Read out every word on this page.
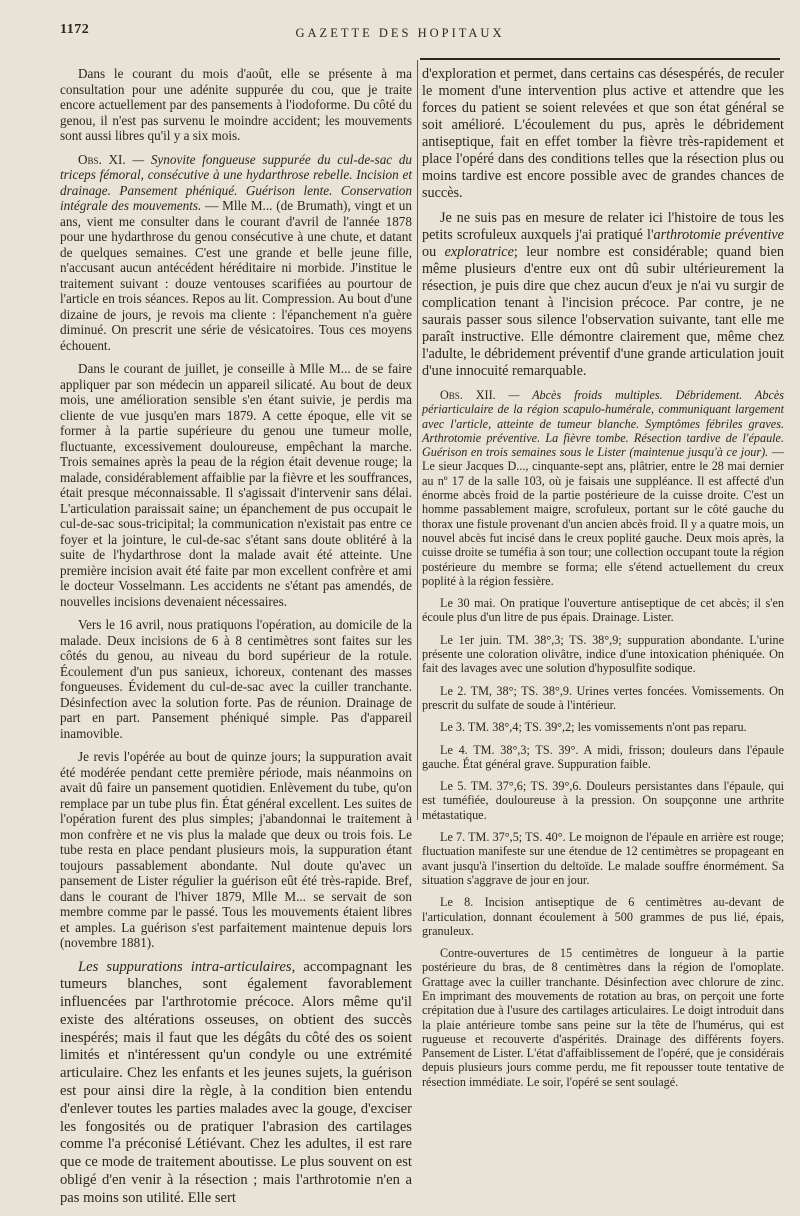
1172	GAZETTE DES HOPITAUX

Dans le courant du mois d'août, elle se présente à ma consultation pour une adénite suppurée du cou, que je traite encore actuellement par des pansements à l'iodoforme. Du côté du genou, il n'est pas survenu le moindre accident; les mouvements sont aussi libres qu'il y a six mois.

Obs. XI. — Synovite fongueuse suppurée du cul-de-sac du triceps fémoral, consécutive à une hydarthrose rebelle. Incision et drainage. Pansement phéniqué. Guérison lente. Conservation intégrale des mouvements. — Mlle M... (de Brumath), vingt et un ans, vient me consulter dans le courant d'avril de l'année 1878 pour une hydarthrose du genou consécutive à une chute, et datant de quelques semaines. C'est une grande et belle jeune fille, n'accusant aucun antécédent héréditaire ni morbide. J'institue le traitement suivant : douze ventouses scarifiées au pourtour de l'article en trois séances. Repos au lit. Compression. Au bout d'une dizaine de jours, je revois ma cliente : l'épanchement n'a guère diminué. On prescrit une série de vésicatoires. Tous ces moyens échouent.

Dans le courant de juillet, je conseille à Mlle M... de se faire appliquer par son médecin un appareil silicaté. Au bout de deux mois, une amélioration sensible s'en étant suivie, je perdis ma cliente de vue jusqu'en mars 1879. A cette époque, elle vit se former à la partie supérieure du genou une tumeur molle, fluctuante, excessivement douloureuse, empêchant la marche. Trois semaines après la peau de la région était devenue rouge; la malade, considérablement affaiblie par la fièvre et les souffrances, était presque méconnaissable. Il s'agissait d'intervenir sans délai. L'articulation paraissait saine; un épanchement de pus occupait le cul-de-sac sous-tricipital; la communication n'existait pas entre ce foyer et la jointure, le cul-de-sac s'étant sans doute oblitéré à la suite de l'hydarthrose dont la malade avait été atteinte. Une première incision avait été faite par mon excellent confrère et ami le docteur Vosselmann. Les accidents ne s'étant pas amendés, de nouvelles incisions devenaient nécessaires.

Vers le 16 avril, nous pratiquons l'opération, au domicile de la malade. Deux incisions de 6 à 8 centimètres sont faites sur les côtés du genou, au niveau du bord supérieur de la rotule. Écoulement d'un pus sanieux, ichoreux, contenant des masses fongueuses. Évidement du cul-de-sac avec la cuiller tranchante. Désinfection avec la solution forte. Pas de réunion. Drainage de part en part. Pansement phéniqué simple. Pas d'appareil inamovible.

Je revis l'opérée au bout de quinze jours; la suppuration avait été modérée pendant cette première période, mais néanmoins on avait dû faire un pansement quotidien. Enlèvement du tube, qu'on remplace par un tube plus fin. État général excellent. Les suites de l'opération furent des plus simples; j'abandonnai le traitement à mon confrère et ne vis plus la malade que deux ou trois fois. Le tube resta en place pendant plusieurs mois, la suppuration étant toujours passablement abondante. Nul doute qu'avec un pansement de Lister régulier la guérison eût été très-rapide. Bref, dans le courant de l'hiver 1879, Mlle M... se servait de son membre comme par le passé. Tous les mouvements étaient libres et amples. La guérison s'est parfaitement maintenue depuis lors (novembre 1881).

Les suppurations intra-articulaires, accompagnant les tumeurs blanches, sont également favorablement influencées par l'arthrotomie précoce. Alors même qu'il existe des altérations osseuses, on obtient des succès inespérés; mais il faut que les dégâts du côté des os soient limités et n'intéressent qu'un condyle ou une extrémité articulaire. Chez les enfants et les jeunes sujets, la guérison est pour ainsi dire la règle, à la condition bien entendu d'enlever toutes les parties malades avec la gouge, d'exciser les fongosités ou de pratiquer l'abrasion des cartilages comme l'a préconisé Létiévant. Chez les adultes, il est rare que ce mode de traitement aboutisse. Le plus souvent on est obligé d'en venir à la résection ; mais l'arthrotomie n'en a pas moins son utilité. Elle sert

d'exploration et permet, dans certains cas désespérés, de reculer le moment d'une intervention plus active et attendre que les forces du patient se soient relevées et que son état général se soit amélioré. L'écoulement du pus, après le débridement antiseptique, fait en effet tomber la fièvre très-rapidement et place l'opéré dans des conditions telles que la résection plus ou moins tardive est encore possible avec de grandes chances de succès.

Je ne suis pas en mesure de relater ici l'histoire de tous les petits scrofuleux auxquels j'ai pratiqué l'arthrotomie préventive ou exploratrice; leur nombre est considérable; quand bien même plusieurs d'entre eux ont dû subir ultérieurement la résection, je puis dire que chez aucun d'eux je n'ai vu surgir de complication tenant à l'incision précoce. Par contre, je ne saurais passer sous silence l'observation suivante, tant elle me paraît instructive. Elle démontre clairement que, même chez l'adulte, le débridement préventif d'une grande articulation jouit d'une innocuité remarquable.

Obs. XII. — Abcès froids multiples. Débridement. Abcès périarticulaire de la région scapulo-humérale, communiquant largement avec l'article, atteinte de tumeur blanche. Symptômes fébriles graves. Arthrotomie préventive. La fièvre tombe. Résection tardive de l'épaule. Guérison en trois semaines sous le Lister (maintenue jusqu'à ce jour). — Le sieur Jacques D..., cinquante-sept ans, plâtrier, entre le 28 mai dernier au nº 17 de la salle 103, où je faisais une suppléance. Il est affecté d'un énorme abcès froid de la partie postérieure de la cuisse droite. C'est un homme passablement maigre, scrofuleux, portant sur le côté gauche du thorax une fistule provenant d'un ancien abcès froid. Il y a quatre mois, un nouvel abcès fut incisé dans le creux poplité gauche. Deux mois après, la cuisse droite se tuméfia à son tour; une collection occupant toute la région postérieure du membre se forma; elle s'étend actuellement du creux poplité à la région fessière.

Le 30 mai. On pratique l'ouverture antiseptique de cet abcès; il s'en écoule plus d'un litre de pus épais. Drainage. Lister.

Le 1er juin. TM. 38°,3; TS. 38°,9; suppuration abondante. L'urine présente une coloration olivâtre, indice d'une intoxication phéniquée. On fait des lavages avec une solution d'hyposulfite sodique.

Le 2. TM, 38°; TS. 38°,9. Urines vertes foncées. Vomissements. On prescrit du sulfate de soude à l'intérieur.

Le 3. TM. 38°,4; TS. 39°,2; les vomissements n'ont pas reparu.

Le 4. TM. 38°,3; TS. 39°. A midi, frisson; douleurs dans l'épaule gauche. État général grave. Suppuration faible.

Le 5. TM. 37°,6; TS. 39°,6. Douleurs persistantes dans l'épaule, qui est tuméfiée, douloureuse à la pression. On soupçonne une arthrite métastatique.

Le 7. TM. 37°,5; TS. 40°. Le moignon de l'épaule en arrière est rouge; fluctuation manifeste sur une étendue de 12 centimètres se propageant en avant jusqu'à l'insertion du deltoïde. Le malade souffre énormément. Sa situation s'aggrave de jour en jour.

Le 8. Incision antiseptique de 6 centimètres au-devant de l'articulation, donnant écoulement à 500 grammes de pus lié, épais, granuleux.

Contre-ouvertures de 15 centimètres de longueur à la partie postérieure du bras, de 8 centimètres dans la région de l'omoplate. Grattage avec la cuiller tranchante. Désinfection avec chlorure de zinc. En imprimant des mouvements de rotation au bras, on perçoit une forte crépitation due à l'usure des cartilages articulaires. Le doigt introduit dans la plaie antérieure tombe sans peine sur la tête de l'humérus, qui est rugueuse et recouverte d'aspérités. Drainage des différents foyers. Pansement de Lister. L'état d'affaiblissement de l'opéré, que je considérais depuis plusieurs jours comme perdu, me fit repousser toute tentative de résection immédiate. Le soir, l'opéré se sent soulagé.
